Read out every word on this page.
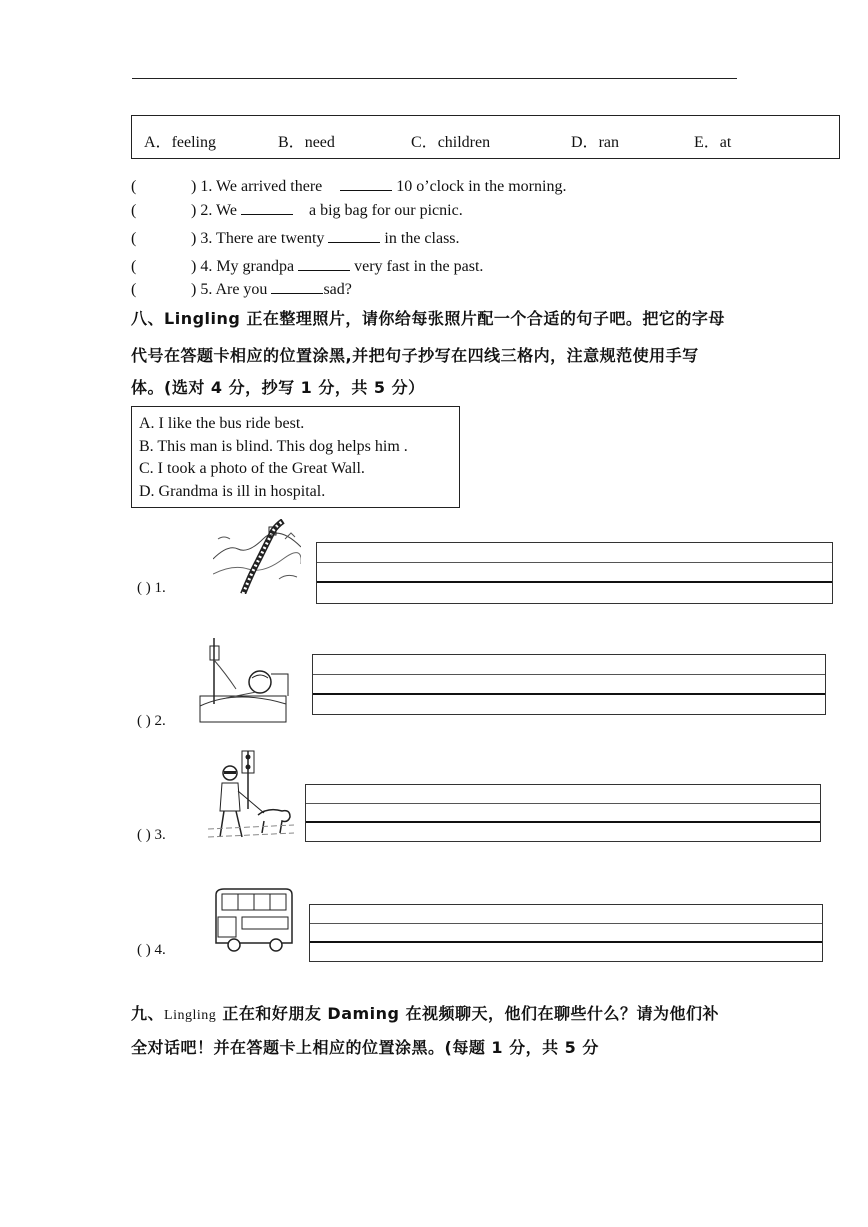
A．feeling	B．need	C．children	D．ran	E．at
(	) 1. We arrived there	10 o’clock in the morning.
(	) 2. We	a big bag for our picnic.
(	) 3. There are twenty	in the class.
(	) 4. My grandpa	very fast in the past.
(	) 5. Are you	sad?
八、Lingling 正在整理照片，请你给每张照片配一个合适的句子吧。把它的字母
代号在答题卡相应的位置涂黑,并把句子抄写在四线三格内，注意规范使用手写
体。(选对 4 分，抄写 1 分，共 5 分）
A. I like the bus ride best.
B. This man is blind. This dog helps him .
C. I took a photo of the Great Wall.
D. Grandma is ill in hospital.
( ) 1.
( ) 2.
( ) 3.
( ) 4.
九、Lingling 正在和好朋友 Daming 在视频聊天，他们在聊些什么？请为他们补
全对话吧！并在答题卡上相应的位置涂黑。(每题 1 分，共 5 分
